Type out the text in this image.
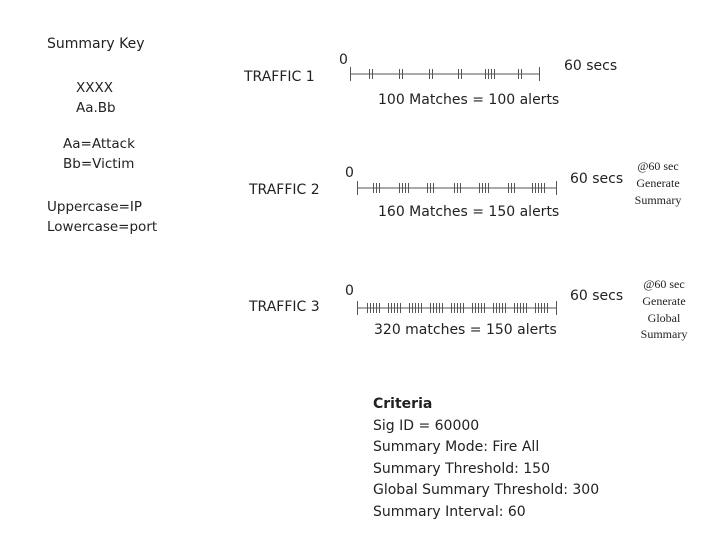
Summary Key
XXXX
Aa.Bb
Aa=Attack
Bb=Victim
Uppercase=IP
Lowercase=port
TRAFFIC 1
0	60 secs
100 Matches = 100 alerts
TRAFFIC 2
0	60 secs
160 Matches = 150 alerts
@60 sec
Generate
Summary
TRAFFIC 3
0	60 secs
320 matches = 150 alerts
@60 sec
Generate
Global
Summary
Criteria
Sig ID = 60000
Summary Mode: Fire All
Summary Threshold: 150
Global Summary Threshold: 300
Summary Interval: 60
